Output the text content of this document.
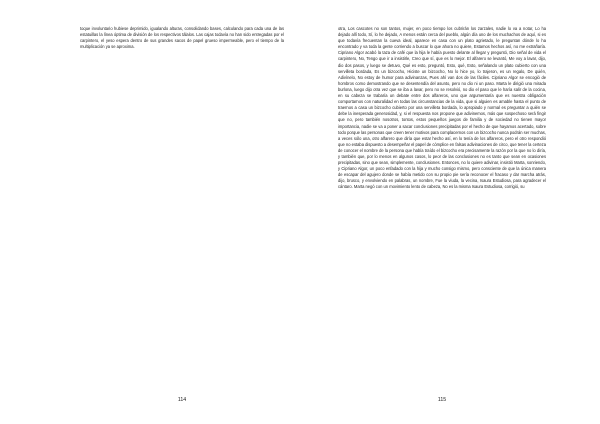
toque involuntario hubiese deprimido, igualando alturas, consolidando bases, calculando para cada una de las estatuillas la línea óptima de división de los respectivos tálalos. Las cajas todavía no han sido entregadas por el carpintero, el yeso espera dentro de sus grandes sacos de papel grueso impermeable, pero el tiempo de la multiplicación ya se aproxima.

114

otra, Los cascotes no son tantos, mujer, en poco tiempo los cubrirán los zarzales, nadie lo va a notar, Lo ha dejado allí todo, Sí, lo he dejado, A menos están cerca del pueblo, algún día uno de los muchachos de aquí, si es que todavía frecuentan la cueva ideal, aparece en casa con un plato agrietado, le preguntan dónde lo ha encontrado y va toda la gente corriendo a buscar lo que ahora no quiere, Estamos hechos así, no me extrañaría. Cipriano Algor acabó la taza de café que la hija le había puesto delante al llegar y preguntó, Dio señal de vida el carpintero, No, Tengo que ir a insistirle, Creo que sí, que es lo mejor. El alfarero se levantó, Me voy a lavar, dijo, dio dos pasos, y luego se detuvo, Qué es esto, preguntó, Esto, qué, Esto, señalando un plato cubierto con una servilleta bordada, Es un bizcocho, Hiciste un bizcocho, No lo hice yo, lo trajeron, es un regalo, De quién, Adivínelo, No estoy de humor para adivinanzas, Pues ahí van dos de las fáciles. Cipriano Algor se encogió de hombros como demostrando que se desentendía del asunto, pero no dio ni un paso. Marta le dirigió una mirada burlona, luego dijo otra vez que se iba a lavar, pero no se resolvió, no dio el paso que le haría salir de la cocina, en su cabeza se trabaría un debate entre dos alfareros, uno que argumentaría que es nuestra obligación comportarnos con naturalidad en todas las circunstancias de la vida, que si alguien es amable hasta el punto de traernos a casa un bizcocho cubierto por una servilleta bordada, lo apropiado y normal es preguntar a quién se debe la inesperada generosidad, y, si el respuesta nos propone que adivinemos, más que sospechoso será fingir que no, pero también nosotros, tontos, estos pequeños juegos de familia y de sociedad no tienen mayor importancia, nadie se va a poner a sacar conclusiones precipitadas por el hecho de que hayamos acertado, sobre todo porque las personas que creen tener motivos para complacernos con un bizcocho nunca podrán ser muchas, a veces sólo una, otro alfarero que diría que estar hecho así, en lo tenía de los alfareros, pero el otro respondió que no estaba dispuesto a desempeñar el papel de cómplice en falsas adivinaciones de circo, que tener la certeza de conocer el nombre de la persona que había traído el bizcocho era precisamente la razón por la que no lo diría, y también que, por lo menos en algunos casos, lo peor de las conclusiones no es tanto que sean en ocasiones precipitadas, sino que sean, simplemente, conclusiones. Entonces, no lo quiere adivinar, insistió Marta, sonriendo, y Cipriano Algor, un poco enfadado con la hija y mucho consigo mismo, pero consciente de que la única manera de escapar del agujero donde se había metido con su propio pie sería reconocer el fracaso y dar marcha atrás, dijo, brusco, y envolviendo en palabras, un nombre, Fue la viuda, la vecina, Isaura Estudiosa, para agradecer el cántaro. Marta negó con un movimiento lento de cabeza, No es la misma Isaura Estudiosa, corrigió, su

115
